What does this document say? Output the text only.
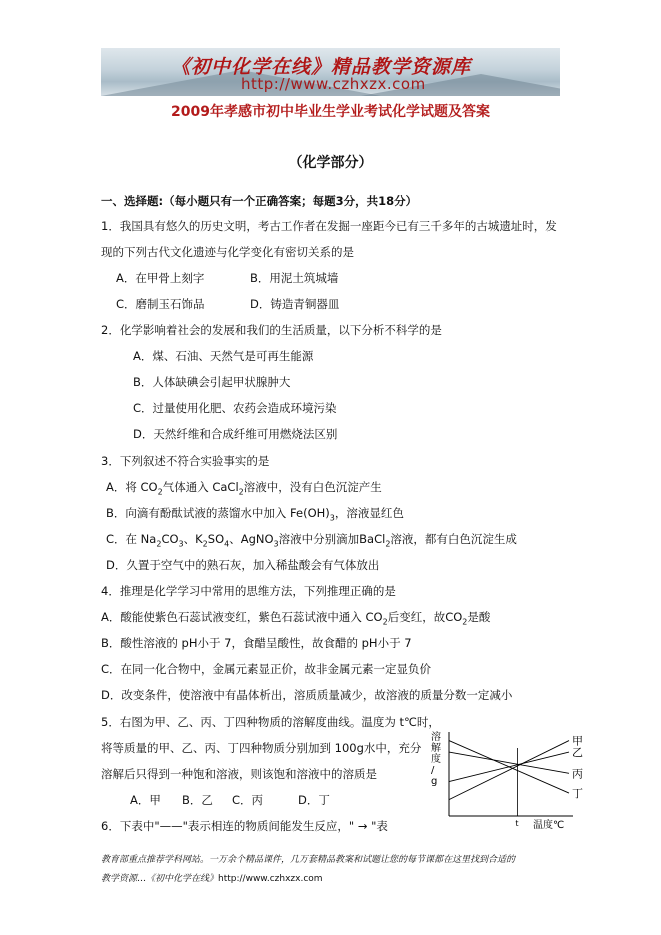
《初中化学在线》精品教学资源库
http://www.czhxzx.com
2009年孝感市初中毕业生学业考试化学试题及答案
（化学部分）
一、选择题:（每小题只有一个正确答案；每题3分，共18分）
1．我国具有悠久的历史文明，考古工作者在发掘一座距今已有三千多年的古城遗址时，发
现的下列古代文化遗迹与化学变化有密切关系的是
A．在甲骨上刻字	B．用泥土筑城墙
C．磨制玉石饰品	D．铸造青铜器皿
2．化学影响着社会的发展和我们的生活质量，以下分析不科学的是
A．煤、石油、天然气是可再生能源
B．人体缺碘会引起甲状腺肿大
C．过量使用化肥、农药会造成环境污染
D．天然纤维和合成纤维可用燃烧法区别
3．下列叙述不符合实验事实的是
A．将 $CO_2$气体通入 CaCl$_2$溶液中，没有白色沉淀产生
B．向滴有酚酞试液的蒸馏水中加入 $Fe(OH)_3$，溶液显红色
C．在 $Na_2CO_3$、$K_2SO_4$、AgNO$_3$溶液中分别滴加BaCl$_2$溶液，都有白色沉淀生成
D．久置于空气中的熟石灰，加入稀盐酸会有气体放出
4．推理是化学学习中常用的思维方法，下列推理正确的是
A．酸能使紫色石蕊试液变红，紫色石蕊试液中通入 $CO_2$后变红，故$CO_2$是酸
B．酸性溶液的 pH小于 7，食醋呈酸性，故食醋的 pH小于 7
C．在同一化合物中，金属元素显正价，故非金属元素一定显负价
D．改变条件，使溶液中有晶体析出，溶质质量减少，故溶液的质量分数一定减小
5．右图为甲、乙、丙、丁四种物质的溶解度曲线。温度为 t℃时，
将等质量的甲、乙、丙、丁四种物质分别加到 100g水中，充分
溶解后只得到一种饱和溶液，则该饱和溶液中的溶质是
A．甲 B．乙 C．丙	D．丁
6．下表中"——"表示相连的物质间能发生反应，" → "表
溶解度/ g
t 温度℃
甲
乙
丙
丁
教育部重点推荐学科网站。一万余个精品课件，几万套精品教案和试题让您的每节课都在这里找到合适的
教学资源…《初中化学在线》http://www.czhxzx.com
